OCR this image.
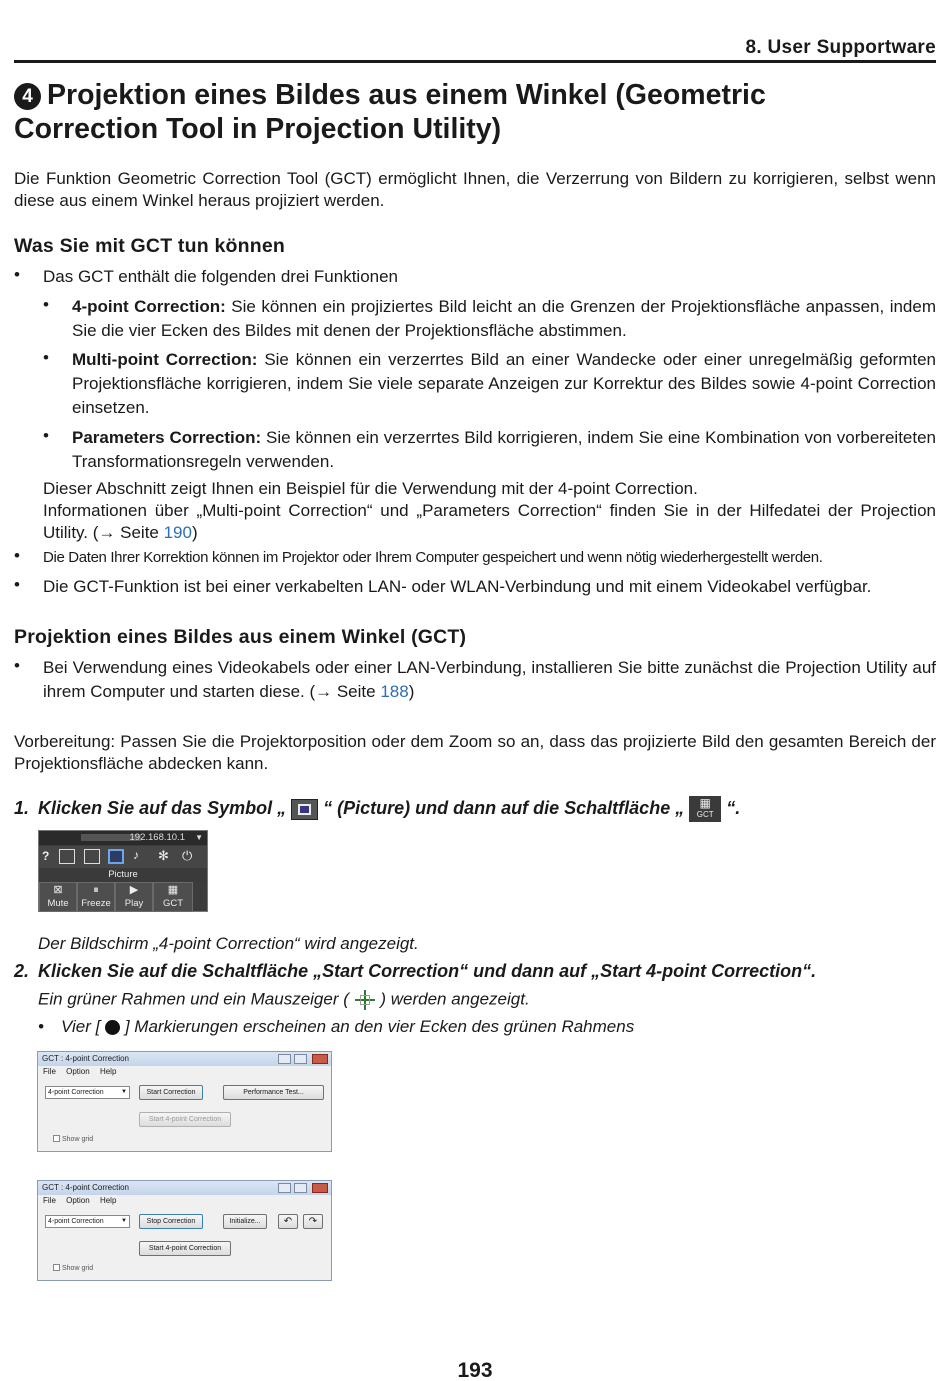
8. User Supportware
4 Projektion eines Bildes aus einem Winkel (Geometric Correction Tool in Projection Utility)
Die Funktion Geometric Correction Tool (GCT) ermöglicht Ihnen, die Verzerrung von Bildern zu korrigieren, selbst wenn diese aus einem Winkel heraus projiziert werden.
Was Sie mit GCT tun können
• Das GCT enthält die folgenden drei Funktionen
• 4-point Correction: Sie können ein projiziertes Bild leicht an die Grenzen der Projektionsfläche anpassen, indem Sie die vier Ecken des Bildes mit denen der Projektionsfläche abstimmen.
• Multi-point Correction: Sie können ein verzerrtes Bild an einer Wandecke oder einer unregelmäßig geformten Projektionsfläche korrigieren, indem Sie viele separate Anzeigen zur Korrektur des Bildes sowie 4-point Correction einsetzen.
• Parameters Correction: Sie können ein verzerrtes Bild korrigieren, indem Sie eine Kombination von vorbereiteten Transformationsregeln verwenden.
Dieser Abschnitt zeigt Ihnen ein Beispiel für die Verwendung mit der 4-point Correction.
Informationen über „Multi-point Correction“ und „Parameters Correction“ finden Sie in der Hilfedatei der Projection Utility. (→ Seite 190)
• Die Daten Ihrer Korrektion können im Projektor oder Ihrem Computer gespeichert und wenn nötig wiederhergestellt werden.
• Die GCT-Funktion ist bei einer verkabelten LAN- oder WLAN-Verbindung und mit einem Videokabel verfügbar.
Projektion eines Bildes aus einem Winkel (GCT)
• Bei Verwendung eines Videokabels oder einer LAN-Verbindung, installieren Sie bitte zunächst die Projection Utility auf ihrem Computer und starten diese. (→ Seite 188)
Vorbereitung: Passen Sie die Projektorposition oder dem Zoom so an, dass das projizierte Bild den gesamten Bereich der Projektionsfläche abdecken kann.
1. Klicken Sie auf das Symbol „ “ (Picture) und dann auf die Schaltfläche „	▦
GCT “.
192.168.10.1 ▼
?	♪ ✻ ⏻
Picture
⊠
Mute
⏸
Freeze
▶
Play
▦
GCT
Der Bildschirm „4-point Correction“ wird angezeigt.
2. Klicken Sie auf die Schaltfläche „Start Correction“ und dann auf „Start 4-point Correction“.
Ein grüner Rahmen und ein Mauszeiger ( ) werden angezeigt.
• Vier [ ] Markierungen erscheinen an den vier Ecken des grünen Rahmens
GCT : 4-point Correction
File Option Help
4-point Correction	▼	Start Correction	Performance Test...
Start 4-point Correction
Show grid
GCT : 4-point Correction
File Option Help
4-point Correction	▼	Stop Correction	Initialize...	↶	↷
Start 4-point Correction
Show grid
193
